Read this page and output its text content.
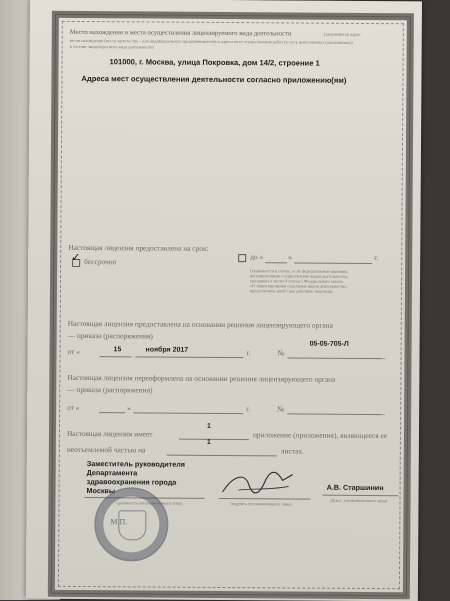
Место нахождения и места осуществления лицензируемого вида деятельности	(заполняется адрес
места нахождения (места жительства – для индивидуального предпринимателя) и адреса мест осуществления работ (услуг), выполняемых (оказываемых)
в составе лицензируемого вида деятельности)
101000, г. Москва, улица Покровка, дом 14/2, строение 1
Адреса мест осуществления деятельности согласно приложению(ям)
Настоящая лицензия предоставлена на срок:
✓ бессрочно
до «	»	г.
(указывается в случае, если федеральными законами,
регулирующими осуществление видов деятельности,
указанных в части 4 статьи 1 Федерального закона
«О лицензировании отдельных видов деятельности»,
предусмотрен иной срок действия лицензии)
Настоящая лицензия предоставлена на основании решения лицензирующего органа
— приказа (распоряжения)
от «	15	ноября 2017	г.	№
05-05-705-Л
Настоящая лицензия переоформлена на основании решения лицензирующего органа
— приказа (распоряжения)
от «	»	г.	№
Настоящая лицензия имеет
1
приложение (приложения), являющееся ее
неотъемлемой частью на
1
листах.
Заместитель руководителя
Департамента
здравоохранения города
Москвы
(должность уполномоченного лица)	(подпись уполномоченного лица)
А.В. Старшинин
(ф.и.о. уполномоченного лица)
М.П.
